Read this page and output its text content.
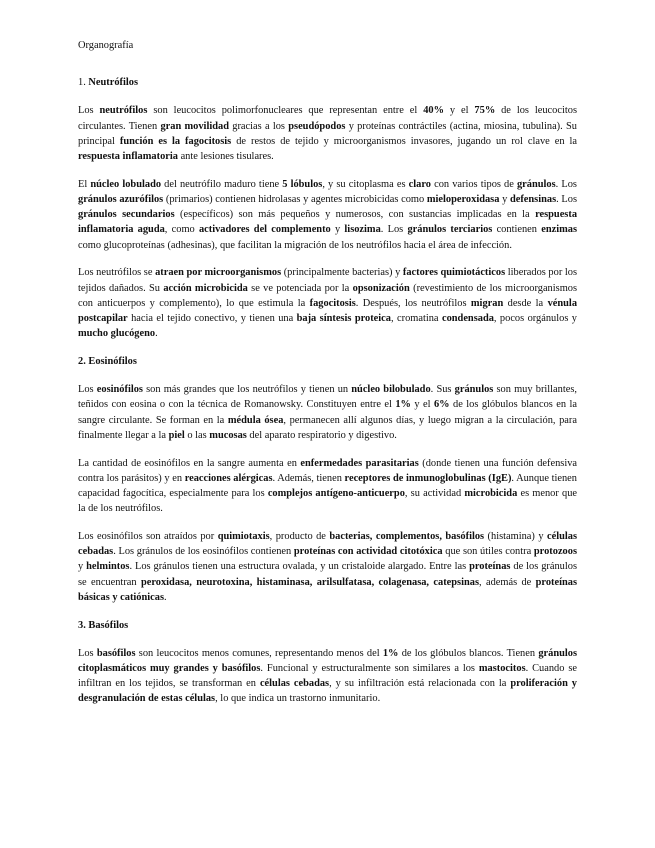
Organografía
1. Neutrófilos

Los neutrófilos son leucocitos polimorfonucleares que representan entre el 40% y el 75% de los leucocitos circulantes. Tienen gran movilidad gracias a los pseudópodos y proteínas contráctiles (actina, miosina, tubulina). Su principal función es la fagocitosis de restos de tejido y microorganismos invasores, jugando un rol clave en la respuesta inflamatoria ante lesiones tisulares.

El núcleo lobulado del neutrófilo maduro tiene 5 lóbulos, y su citoplasma es claro con varios tipos de gránulos. Los gránulos azurófilos (primarios) contienen hidrolasas y agentes microbicidas como mieloperoxidasa y defensinas. Los gránulos secundarios (específicos) son más pequeños y numerosos, con sustancias implicadas en la respuesta inflamatoria aguda, como activadores del complemento y lisozima. Los gránulos terciarios contienen enzimas como glucoproteínas (adhesinas), que facilitan la migración de los neutrófilos hacia el área de infección.

Los neutrófilos se atraen por microorganismos (principalmente bacterias) y factores quimiotácticos liberados por los tejidos dañados. Su acción microbicida se ve potenciada por la opsonización (revestimiento de los microorganismos con anticuerpos y complemento), lo que estimula la fagocitosis. Después, los neutrófilos migran desde la vénula postcapilar hacia el tejido conectivo, y tienen una baja síntesis proteica, cromatina condensada, pocos orgánulos y mucho glucógeno.

2. Eosinófilos

Los eosinófilos son más grandes que los neutrófilos y tienen un núcleo bilobulado. Sus gránulos son muy brillantes, teñidos con eosina o con la técnica de Romanowsky. Constituyen entre el 1% y el 6% de los glóbulos blancos en la sangre circulante. Se forman en la médula ósea, permanecen allí algunos días, y luego migran a la circulación, para finalmente llegar a la piel o las mucosas del aparato respiratorio y digestivo.

La cantidad de eosinófilos en la sangre aumenta en enfermedades parasitarias (donde tienen una función defensiva contra los parásitos) y en reacciones alérgicas. Además, tienen receptores de inmunoglobulinas (IgE). Aunque tienen capacidad fagocítica, especialmente para los complejos antígeno-anticuerpo, su actividad microbicida es menor que la de los neutrófilos.

Los eosinófilos son atraídos por quimiotaxis, producto de bacterias, complementos, basófilos (histamina) y células cebadas. Los gránulos de los eosinófilos contienen proteínas con actividad citotóxica que son útiles contra protozoos y helmintos. Los gránulos tienen una estructura ovalada, y un cristaloide alargado. Entre las proteínas de los gránulos se encuentran peroxidasa, neurotoxina, histaminasa, arilsulfatasa, colagenasa, catepsinas, además de proteínas básicas y catiónicas.

3. Basófilos

Los basófilos son leucocitos menos comunes, representando menos del 1% de los glóbulos blancos. Tienen gránulos citoplasmáticos muy grandes y basófilos. Funcional y estructuralmente son similares a los mastocitos. Cuando se infiltran en los tejidos, se transforman en células cebadas, y su infiltración está relacionada con la proliferación y desgranulación de estas células, lo que indica un trastorno inmunitario.
